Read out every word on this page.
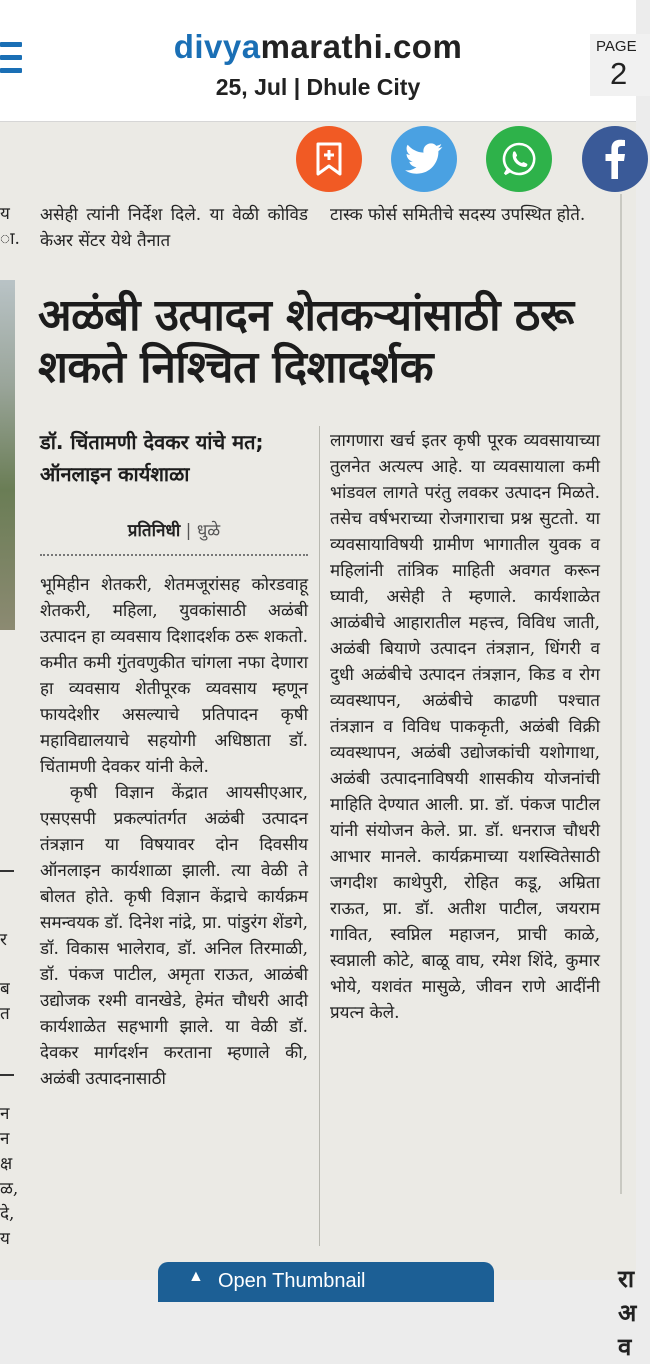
divyamarathi.com
25, Jul | Dhule City
PAGE
2
य
ा.
र
ब
त
न
न
क्ष
ळ,
दे,
य
असेही त्यांनी निर्देश दिले. या वेळी कोविड केअर सेंटर येथे तैनात
टास्क फोर्स समितीचे सदस्य उपस्थित होते.
अळंबी उत्पादन शेतकऱ्यांसाठी ठरू शकते निश्चित दिशादर्शक
डॉ. चिंतामणी देवकर यांचे मत; ऑनलाइन कार्यशाळा
प्रतिनिधी | धुळे

भूमिहीन शेतकरी, शेतमजूरांसह कोरडवाहू शेतकरी, महिला, युवकांसाठी अळंबी उत्पादन हा व्यवसाय दिशादर्शक ठरू शकतो. कमीत कमी गुंतवणुकीत चांगला नफा देणारा हा व्यवसाय शेतीपूरक व्यवसाय म्हणून फायदेशीर असल्याचे प्रतिपादन कृषी महाविद्यालयाचे सहयोगी अधिष्ठाता डॉ. चिंतामणी देवकर यांनी केले.

कृषी विज्ञान केंद्रात आयसीएआर, एसएसपी प्रकल्पांतर्गत अळंबी उत्पादन तंत्रज्ञान या विषयावर दोन दिवसीय ऑनलाइन कार्यशाळा झाली. त्या वेळी ते बोलत होते. कृषी विज्ञान केंद्राचे कार्यक्रम समन्वयक डॉ. दिनेश नांद्रे, प्रा. पांडुरंग शेंडगे, डॉ. विकास भालेराव, डॉ. अनिल तिरमाळी, डॉ. पंकज पाटील, अमृता राऊत, आळंबी उद्योजक रश्मी वानखेडे, हेमंत चौधरी आदी कार्यशाळेत सहभागी झाले. या वेळी डॉ. देवकर मार्गदर्शन करताना म्हणाले की, अळंबी उत्पादनासाठी

लागणारा खर्च इतर कृषी पूरक व्यवसायाच्या तुलनेत अत्यल्प आहे. या व्यवसायाला कमी भांडवल लागते परंतु लवकर उत्पादन मिळते. तसेच वर्षभराच्या रोजगाराचा प्रश्न सुटतो. या व्यवसायाविषयी ग्रामीण भागातील युवक व महिलांनी तांत्रिक माहिती अवगत करून घ्यावी, असेही ते म्हणाले. कार्यशाळेत आळंबीचे आहारातील महत्त्व, विविध जाती, अळंबी बियाणे उत्पादन तंत्रज्ञान, धिंगरी व दुधी अळंबीचे उत्पादन तंत्रज्ञान, किड व रोग व्यवस्थापन, अळंबीचे काढणी पश्चात तंत्रज्ञान व विविध पाककृती, अळंबी विक्री व्यवस्थापन, अळंबी उद्योजकांची यशोगाथा, अळंबी उत्पादनाविषयी शासकीय योजनांची माहिति देण्यात आली. प्रा. डॉ. पंकज पाटील यांनी संयोजन केले. प्रा. डॉ. धनराज चौधरी आभार मानले. कार्यक्रमाच्या यशस्वितेसाठी जगदीश काथेपुरी, रोहित कडू, अम्रिता राऊत, प्रा. डॉ. अतीश पाटील, जयराम गावित, स्वप्निल महाजन, प्राची काळे, स्वप्नाली कोटे, बाळू वाघ, रमेश शिंदे, कुमार भोये, यशवंत मासुळे, जीवन राणे आदींनी प्रयत्न केले.
रा
अ
व
▲ Open Thumbnail
